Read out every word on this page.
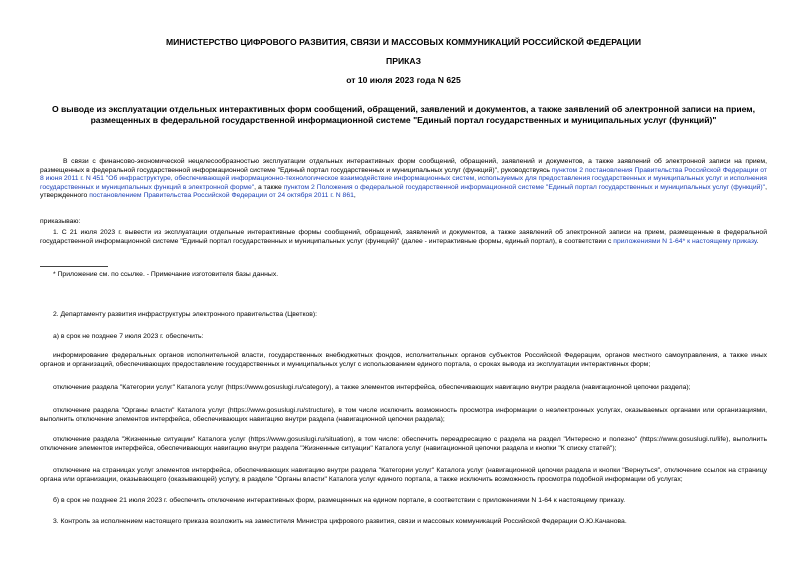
МИНИСТЕРСТВО ЦИФРОВОГО РАЗВИТИЯ, СВЯЗИ И МАССОВЫХ КОММУНИКАЦИЙ РОССИЙСКОЙ ФЕДЕРАЦИИ
ПРИКАЗ
от 10 июля 2023 года N 625
О выводе из эксплуатации отдельных интерактивных форм сообщений, обращений, заявлений и документов, а также заявлений об электронной записи на прием, размещенных в федеральной государственной информационной системе "Единый портал государственных и муниципальных услуг (функций)"
В связи с финансово-экономической нецелесообразностью эксплуатации отдельных интерактивных форм сообщений, обращений, заявлений и документов, а также заявлений об электронной записи на прием, размещенных в федеральной государственной информационной системе "Единый портал государственных и муниципальных услуг (функций)", руководствуясь пунктом 2 постановления Правительства Российской Федерации от 8 июня 2011 г. N 451 "Об инфраструктуре, обеспечивающей информационно-технологическое взаимодействие информационных систем, используемых для предоставления государственных и муниципальных услуг и исполнения государственных и муниципальных функций в электронной форме", а также пунктом 2 Положения о федеральной государственной информационной системе "Единый портал государственных и муниципальных услуг (функций)", утвержденного постановлением Правительства Российской Федерации от 24 октября 2011 г. N 861,
приказываю:
1. С 21 июля 2023 г. вывести из эксплуатации отдельные интерактивные формы сообщений, обращений, заявлений и документов, а также заявлений об электронной записи на прием, размещенные в федеральной государственной информационной системе "Единый портал государственных и муниципальных услуг (функций)" (далее - интерактивные формы, единый портал), в соответствии с приложениями N 1-64* к настоящему приказу.
* Приложение см. по ссылке. - Примечание изготовителя базы данных.
2. Департаменту развития инфраструктуры электронного правительства (Цветков):
а) в срок не позднее 7 июля 2023 г. обеспечить:
информирование федеральных органов исполнительной власти, государственных внебюджетных фондов, исполнительных органов субъектов Российской Федерации, органов местного самоуправления, а также иных органов и организаций, обеспечивающих предоставление государственных и муниципальных услуг с использованием единого портала, о сроках вывода из эксплуатации интерактивных форм;
отключение раздела "Категории услуг" Каталога услуг (https://www.gosuslugi.ru/category), а также элементов интерфейса, обеспечивающих навигацию внутри раздела (навигационной цепочки раздела);
отключение раздела "Органы власти" Каталога услуг (https://www.gosuslugi.ru/structure), в том числе исключить возможность просмотра информации о неэлектронных услугах, оказываемых органами или организациями, выполнить отключение элементов интерфейса, обеспечивающих навигацию внутри раздела (навигационной цепочки раздела);
отключение раздела "Жизненные ситуации" Каталога услуг (https://www.gosuslugi.ru/situation), в том числе: обеспечить переадресацию с раздела на раздел "Интересно и полезно" (https://www.gosuslugi.ru/life), выполнить отключение элементов интерфейса, обеспечивающих навигацию внутри раздела "Жизненные ситуации" Каталога услуг (навигационной цепочки раздела и кнопки "К списку статей");
отключение на страницах услуг элементов интерфейса, обеспечивающих навигацию внутри раздела "Категории услуг" Каталога услуг (навигационной цепочки раздела и кнопки "Вернуться", отключение ссылок на страницу органа или организации, оказывающего (оказывающей) услугу, в разделе "Органы власти" Каталога услуг единого портала, а также исключить возможность просмотра подобной информации об услугах;
б) в срок не позднее 21 июля 2023 г. обеспечить отключение интерактивных форм, размещенных на едином портале, в соответствии с приложениями N 1-64 к настоящему приказу.
3. Контроль за исполнением настоящего приказа возложить на заместителя Министра цифрового развития, связи и массовых коммуникаций Российской Федерации О.Ю.Качанова.
